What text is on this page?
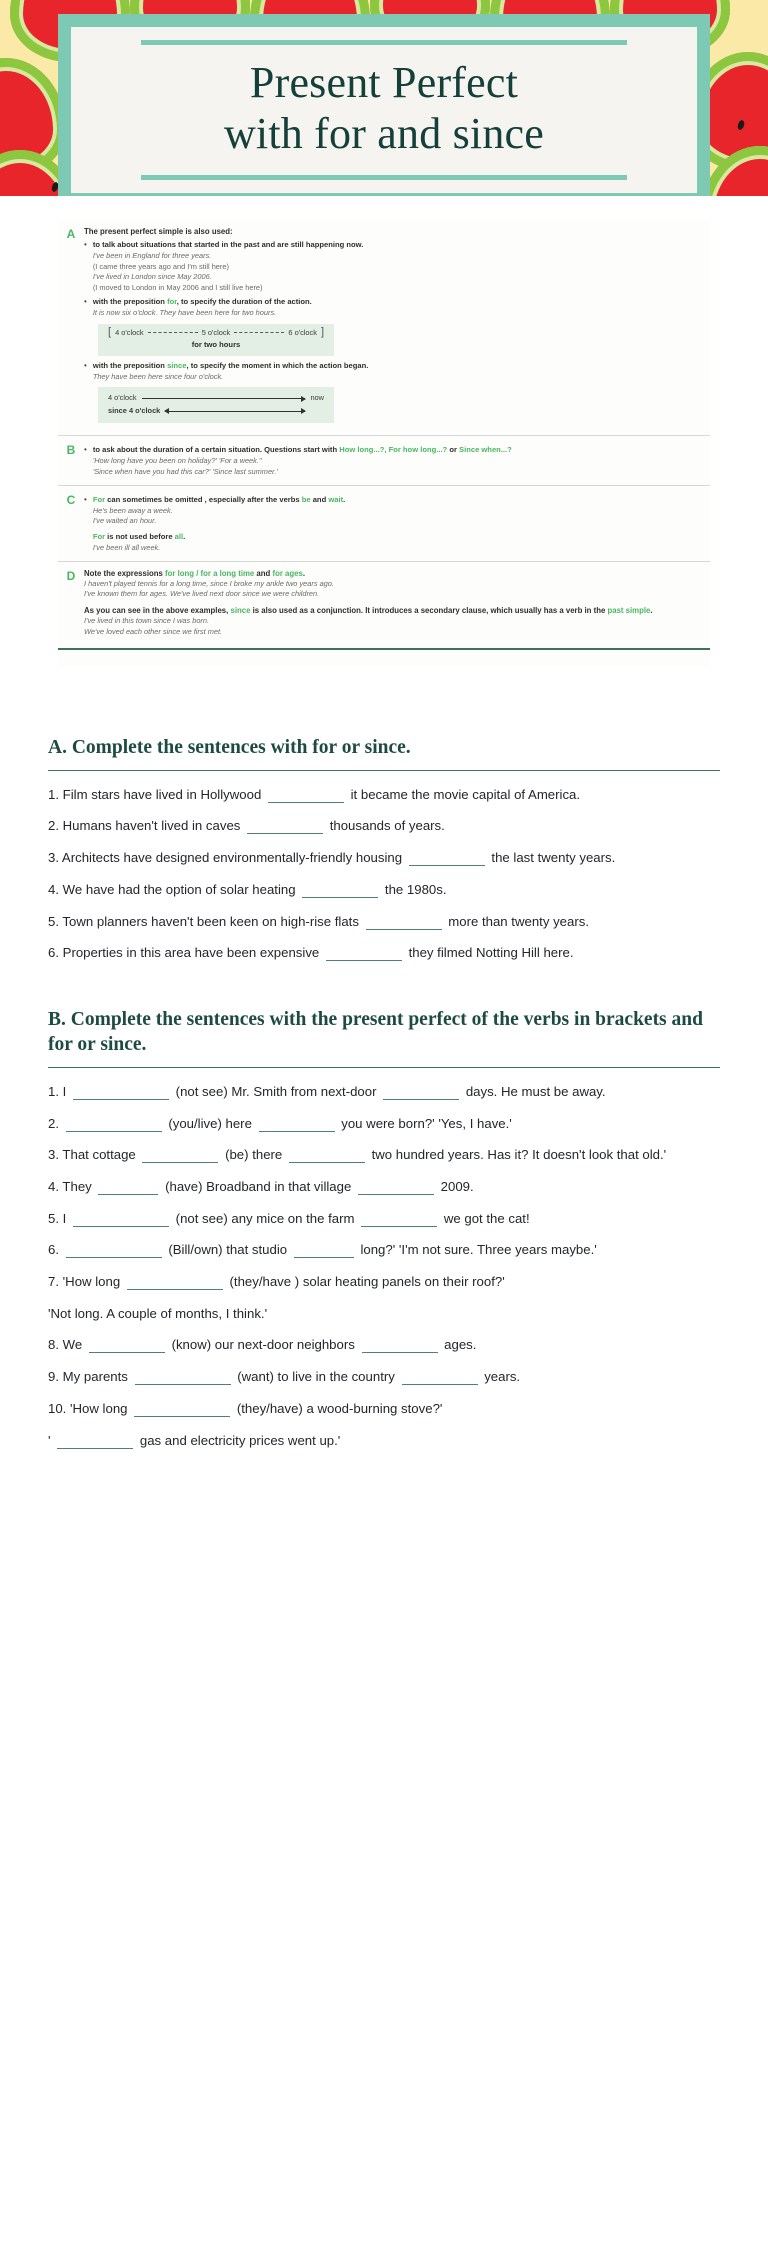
Present Perfect
with for and since
A	The present perfect simple is also used:
• to talk about situations that started in the past and are still happening now.
I've been in England for three years.
(I came three years ago and I'm still here)
I've lived in London since May 2006.
(I moved to London in May 2006 and I still live here)
• with the preposition for, to specify the duration of the action.
It is now six o'clock. They have been here for two hours.
[ 4 o'clock	5 o'clock	6 o'clock ]
for two hours
• with the preposition since, to specify the moment in which the action began.
They have been here since four o'clock.
4 o'clock	now
since 4 o'clock
B	• to ask about the duration of a certain situation. Questions start with How long...?, For how long...? or Since when...?
'How long have you been on holiday?' 'For a week.''
'Since when have you had this car?' 'Since last summer.'
C	• For can sometimes be omitted , especially after the verbs be and wait.
He's been away a week.
I've waited an hour.
For is not used before all.
I've been ill all week.
D	Note the expressions for long / for a long time and for ages.
I haven't played tennis for a long time, since I broke my ankle two years ago.
I've known them for ages. We've lived next door since we were children.
As you can see in the above examples, since is also used as a conjunction. It introduces a secondary clause, which usually has a verb in the past simple.
I've lived in this town since I was born.
We've loved each other since we first met.
A. Complete the sentences with for or since.
1. Film stars have lived in Hollywood	it became the movie capital of America.
2. Humans haven't lived in caves	thousands of years.
3. Architects have designed environmentally-friendly housing	the last twenty years.
4. We have had the option of solar heating	the 1980s.
5. Town planners haven't been keen on high-rise flats	more than twenty years.
6. Properties in this area have been expensive	they filmed Notting Hill here.
B. Complete the sentences with the present perfect of the verbs in brackets and for or since.
1. I	(not see) Mr. Smith from next-door	days. He must be away.
2.	(you/live) here	you were born?' 'Yes, I have.'
3. That cottage	(be) there	two hundred years. Has it? It doesn't look that old.'
4. They	(have) Broadband in that village	2009.
5. I	(not see) any mice on the farm	we got the cat!
6.	(Bill/own) that studio	long?' 'I'm not sure. Three years maybe.'
7. 'How long	(they/have ) solar heating panels on their roof?'
'Not long. A couple of months, I think.'
8. We	(know) our next-door neighbors	ages.
9. My parents	(want) to live in the country	years.
10. 'How long	(they/have) a wood-burning stove?'
'	gas and electricity prices went up.'
